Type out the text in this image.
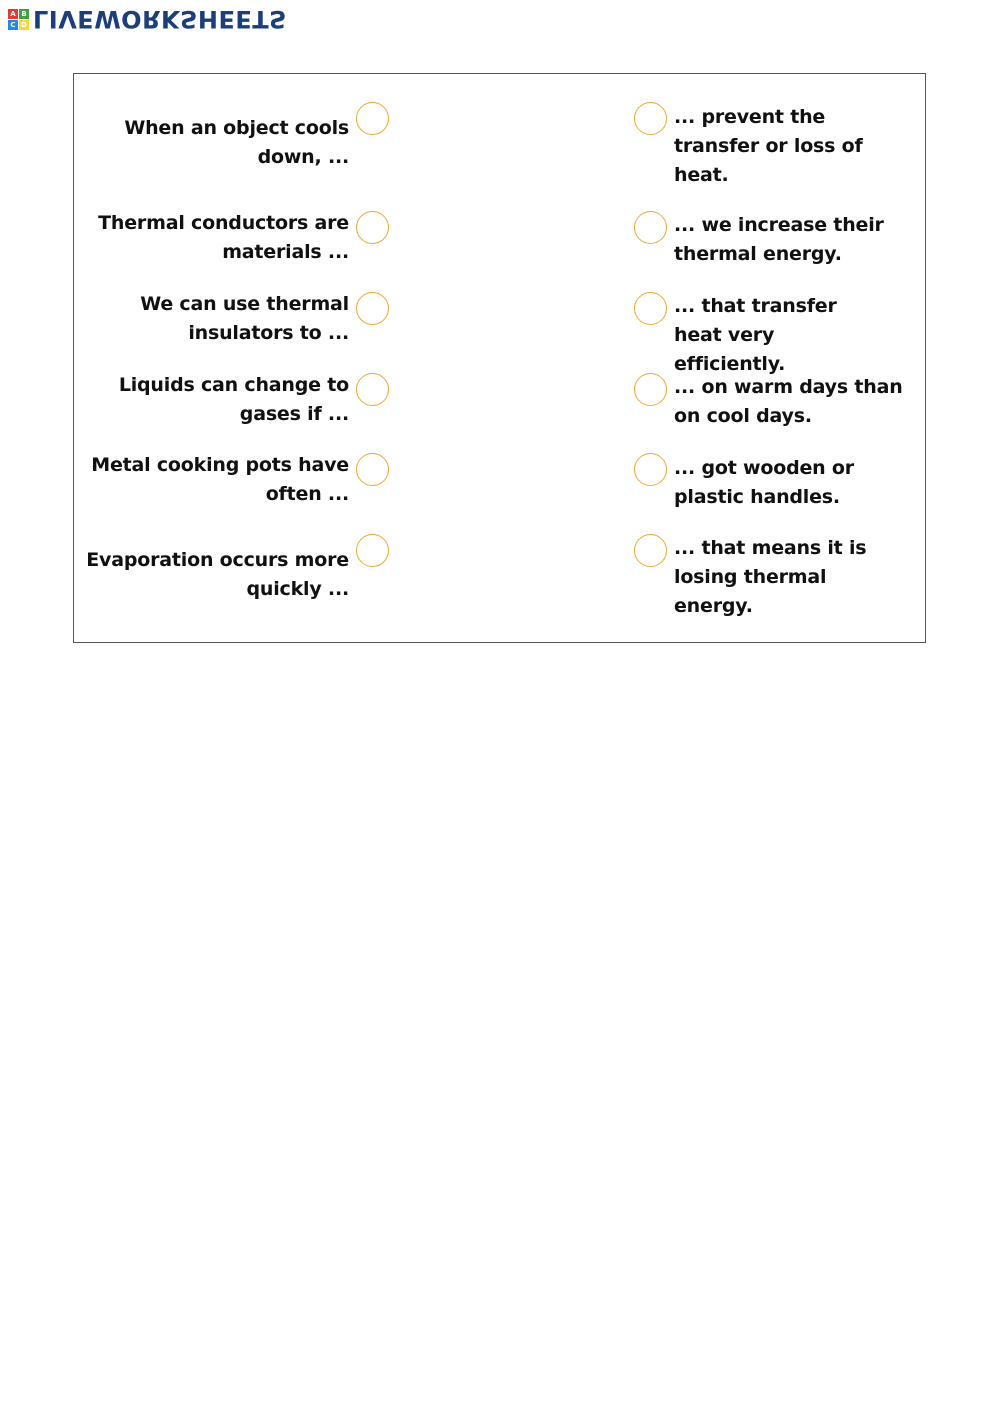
A B
C D LIVEWORKSHEETS
When an object cools down, ...
Thermal conductors are materials ...
We can use thermal insulators to ...
Liquids can change to gases if ...
Metal cooking pots have often ...
Evaporation occurs more quickly ...
... prevent the transfer or loss of heat.
... we increase their thermal energy.
... that transfer heat very efficiently.
... on warm days than on cool days.
... got wooden or plastic handles.
... that means it is losing thermal energy.
